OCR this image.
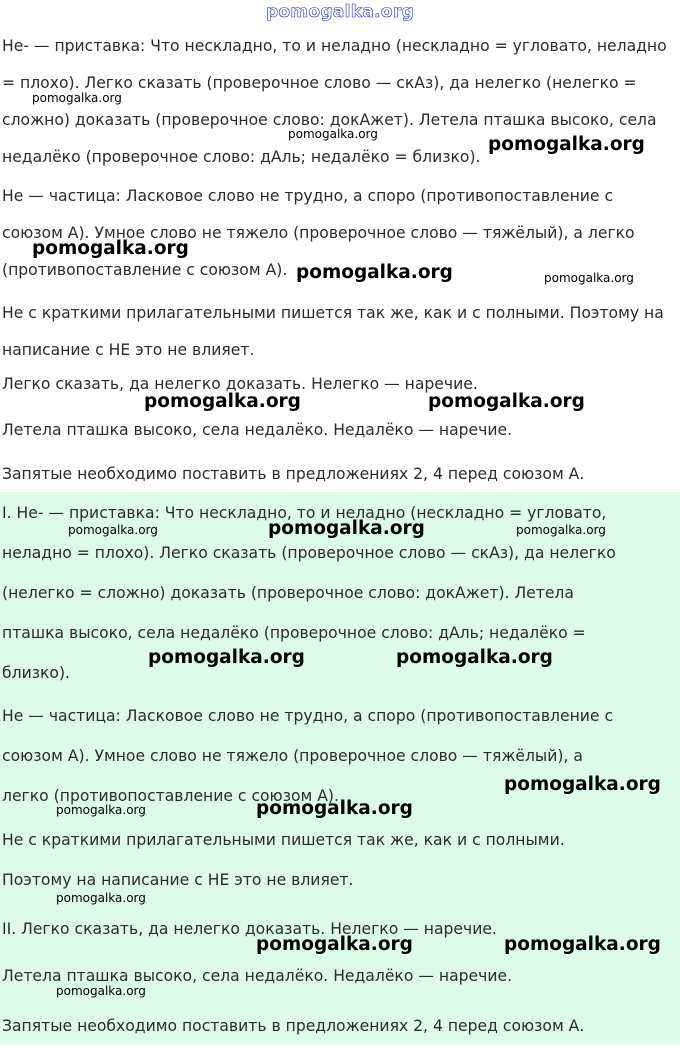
pomogalka.org

Не- — приставка: Что нескладно, то и неладно (нескладно = угловато, неладно
= плохо). Легко сказать (проверочное слово — скАз), да нелегко (нелегко =
сложно) доказать (проверочное слово: докАжет). Летела пташка высоко, села
недалёко (проверочное слово: дАль; недалёко = близко).

Не — частица: Ласковое слово не трудно, а споро (противопоставление с
союзом А). Умное слово не тяжело (проверочное слово — тяжёлый), а легко
(противопоставление с союзом А).

Не с краткими прилагательными пишется так же, как и с полными. Поэтому на
написание с НЕ это не влияет.

Легко сказать, да нелегко доказать. Нелегко — наречие.

Летела пташка высоко, села недалёко. Недалёко — наречие.

Запятые необходимо поставить в предложениях 2, 4 перед союзом А.

I. Не- — приставка: Что нескладно, то и неладно (нескладно = угловато,
неладно = плохо). Легко сказать (проверочное слово — скАз), да нелегко
(нелегко = сложно) доказать (проверочное слово: докАжет). Летела
пташка высоко, села недалёко (проверочное слово: дАль; недалёко =
близко).

Не — частица: Ласковое слово не трудно, а споро (противопоставление с
союзом А). Умное слово не тяжело (проверочное слово — тяжёлый), а
легко (противопоставление с союзом А).

Не с краткими прилагательными пишется так же, как и с полными.
Поэтому на написание с НЕ это не влияет.

II. Легко сказать, да нелегко доказать. Нелегко — наречие.

Летела пташка высоко, села недалёко. Недалёко — наречие.

Запятые необходимо поставить в предложениях 2, 4 перед союзом А.

pomogalka.org
pomogalka.org	pomogalka.org
pomogalka.org
pomogalka.org	pomogalka.org
pomogalka.org	pomogalka.org
pomogalka.org	pomogalka.org	pomogalka.org
pomogalka.org	pomogalka.org
pomogalka.org
pomogalka.org	pomogalka.org
pomogalka.org
pomogalka.org	pomogalka.org
pomogalka.org
